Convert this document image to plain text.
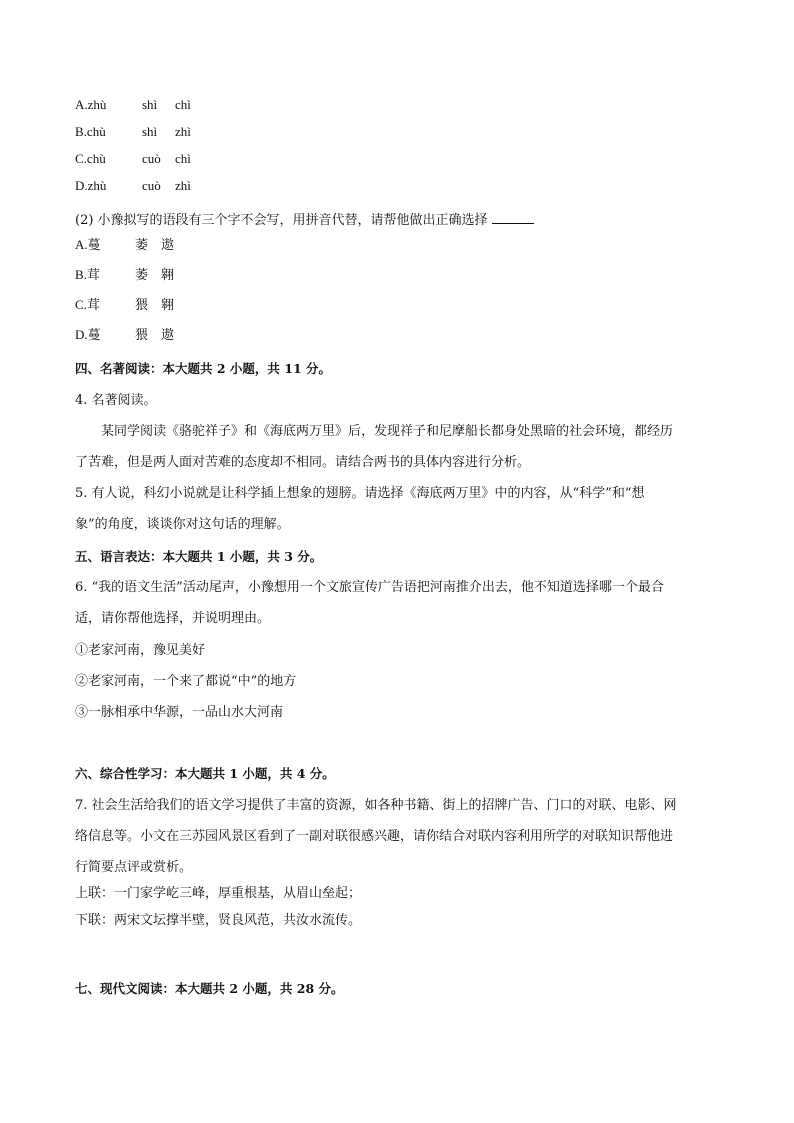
A.zhù	shì chì
B.chù	shì zhì
C.chù	cuò chì
D.zhù	cuò zhì
(2) 小豫拟写的语段有三个字不会写，用拼音代替，请帮他做出正确选择
A.蔓	萎 遨
B.茸	萎 翱
C.茸	猥 翱
D.蔓	猥 遨
四、名著阅读：本大题共 2 小题，共 11 分。
4. 名著阅读。
某同学阅读《骆驼祥子》和《海底两万里》后，发现祥子和尼摩船长都身处黑暗的社会环境，都经历
了苦难，但是两人面对苦难的态度却不相同。请结合两书的具体内容进行分析。
5. 有人说，科幻小说就是让科学插上想象的翅膀。请选择《海底两万里》中的内容，从“科学”和“想
象”的角度，谈谈你对这句话的理解。
五、语言表达：本大题共 1 小题，共 3 分。
6. “我的语文生活”活动尾声，小豫想用一个文旅宣传广告语把河南推介出去，他不知道选择哪一个最合
适，请你帮他选择，并说明理由。
①老家河南，豫见美好
②老家河南，一个来了都说“中”的地方
③一脉相承中华源，一品山水大河南
六、综合性学习：本大题共 1 小题，共 4 分。
7. 社会生活给我们的语文学习提供了丰富的资源，如各种书籍、街上的招牌广告、门口的对联、电影、网
络信息等。小文在三苏园风景区看到了一副对联很感兴趣，请你结合对联内容利用所学的对联知识帮他进
行简要点评或赏析。
上联：一门家学屹三峰，厚重根基，从眉山垒起；
下联：两宋文坛撑半壁，贤良风范，共汝水流传。
七、现代文阅读：本大题共 2 小题，共 28 分。
